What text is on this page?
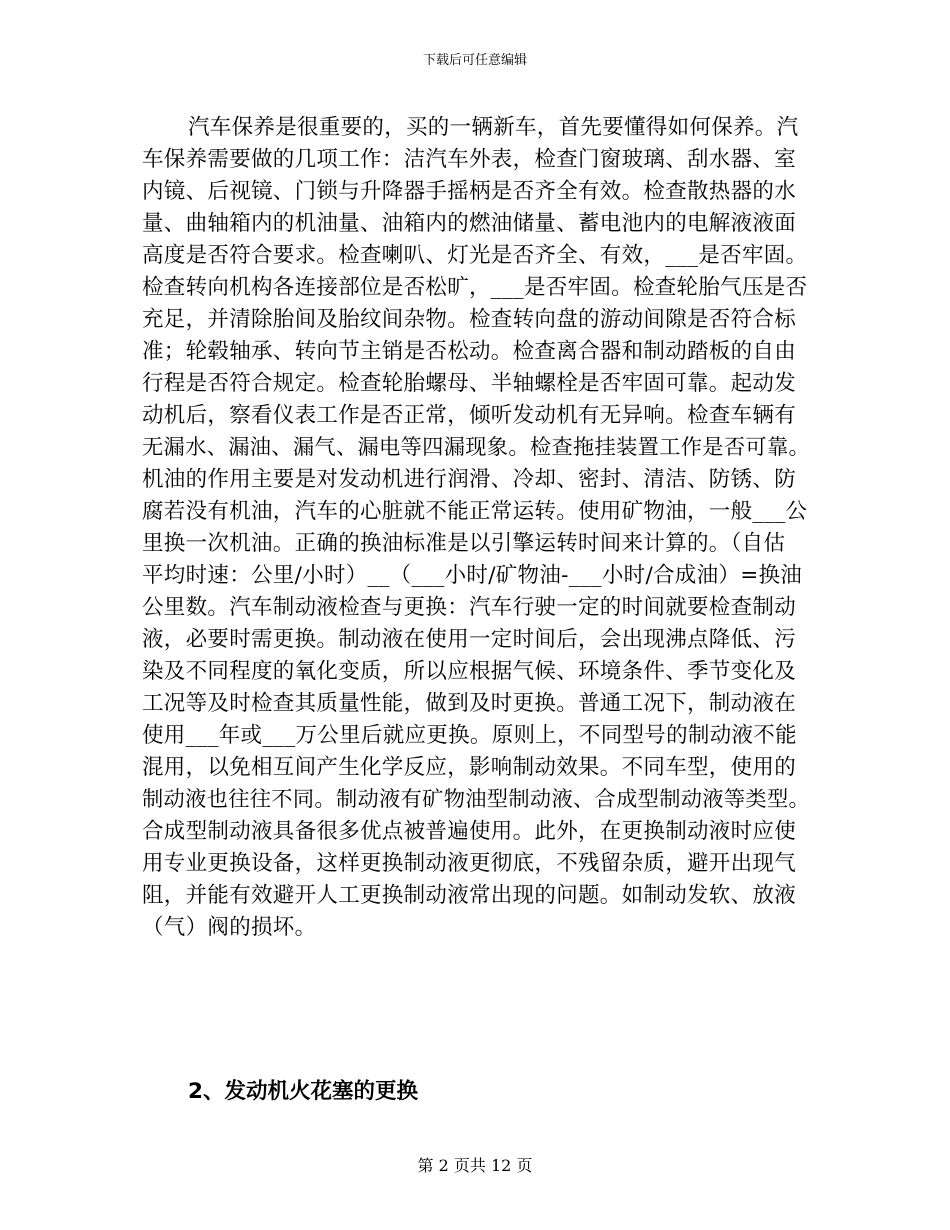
下载后可任意编辑
汽车保养是很重要的，买的一辆新车，首先要懂得如何保养。汽
车保养需要做的几项工作：洁汽车外表，检查门窗玻璃、刮水器、室
内镜、后视镜、门锁与升降器手摇柄是否齐全有效。检查散热器的水
量、曲轴箱内的机油量、油箱内的燃油储量、蓄电池内的电解液液面
高度是否符合要求。检查喇叭、灯光是否齐全、有效，___是否牢固。
检查转向机构各连接部位是否松旷，___是否牢固。检查轮胎气压是否
充足，并清除胎间及胎纹间杂物。检查转向盘的游动间隙是否符合标
准；轮毂轴承、转向节主销是否松动。检查离合器和制动踏板的自由
行程是否符合规定。检查轮胎螺母、半轴螺栓是否牢固可靠。起动发
动机后，察看仪表工作是否正常，倾听发动机有无异响。检查车辆有
无漏水、漏油、漏气、漏电等四漏现象。检查拖挂装置工作是否可靠。
机油的作用主要是对发动机进行润滑、冷却、密封、清洁、防锈、防
腐若没有机油，汽车的心脏就不能正常运转。使用矿物油，一般___公
里换一次机油。正确的换油标准是以引擎运转时间来计算的。（自估
平均时速：公里/小时）__（___小时/矿物油-___小时/合成油）=换油
公里数。汽车制动液检查与更换：汽车行驶一定的时间就要检查制动
液，必要时需更换。制动液在使用一定时间后，会出现沸点降低、污
染及不同程度的氧化变质，所以应根据气候、环境条件、季节变化及
工况等及时检查其质量性能，做到及时更换。普通工况下，制动液在
使用___年或___万公里后就应更换。原则上，不同型号的制动液不能
混用，以免相互间产生化学反应，影响制动效果。不同车型，使用的
制动液也往往不同。制动液有矿物油型制动液、合成型制动液等类型。
合成型制动液具备很多优点被普遍使用。此外，在更换制动液时应使
用专业更换设备，这样更换制动液更彻底，不残留杂质，避开出现气
阻，并能有效避开人工更换制动液常出现的问题。如制动发软、放液
（气）阀的损坏。
2、发动机火花塞的更换
第 2 页共 12 页
